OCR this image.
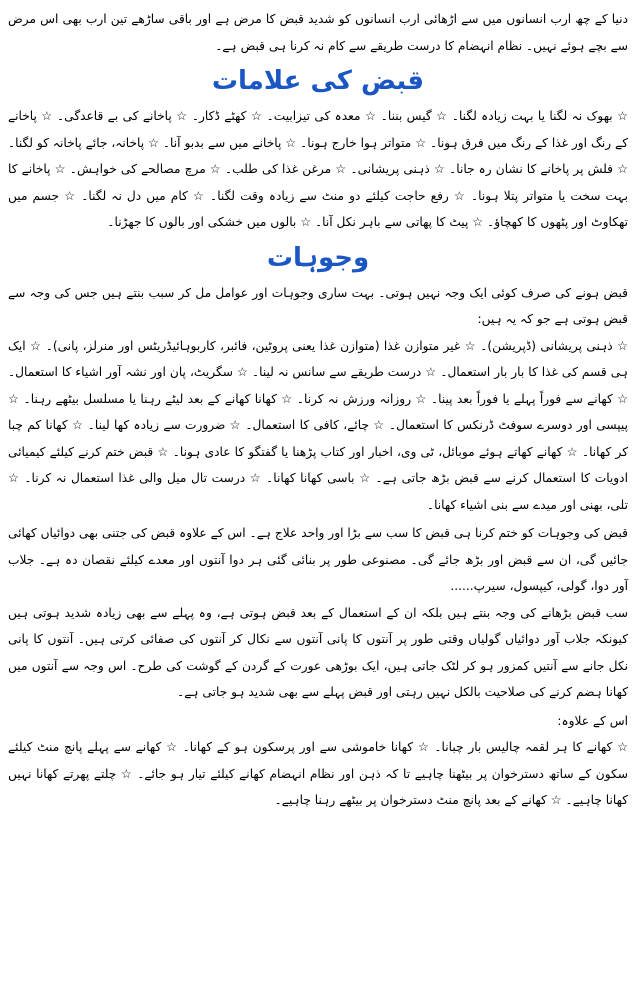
دنیا کے چھ ارب انسانوں میں سے اڑھائی ارب انسانوں کو شدید قبض کا مرض ہے اور باقی ساڑھے تین ارب بھی اس مرض سے بچے ہوئے نہیں۔ نظام انہضام کا درست طریقے سے کام نہ کرنا ہی قبض ہے۔

قبض کی علامات

☆ بھوک نہ لگنا یا بہت زیادہ لگنا۔ ☆ گیس بننا۔ ☆ معدہ کی تیزابیت۔ ☆ کھٹے ڈکار۔ ☆ پاخانے کی بے قاعدگی۔ ☆ پاخانے کے رنگ اور غذا کے رنگ میں فرق ہونا۔ ☆ متواتر ہوا خارج ہونا۔ ☆ پاخانے میں سے بدبو آنا۔ ☆ پاخانہ، جائے پاخانہ کو لگنا۔ ☆ فلش پر پاخانے کا نشان رہ جانا۔ ☆ ذہنی پریشانی۔ ☆ مرغن غذا کی طلب۔ ☆ مرچ مصالحے کی خواہش۔ ☆ پاخانے کا بہت سخت یا متواتر پتلا ہونا۔ ☆ رفع حاجت کیلئے دو منٹ سے زیادہ وقت لگنا۔ ☆ کام میں دل نہ لگنا۔ ☆ جسم میں تھکاوٹ اور پٹھوں کا کھچاؤ۔ ☆ پیٹ کا پھاتی سے باہر نکل آنا۔ ☆ بالوں میں خشکی اور بالوں کا جھڑنا۔

وجوہات

قبض ہونے کی صرف کوئی ایک وجہ نہیں ہوتی۔ بہت ساری وجوہات اور عوامل مل کر سبب بنتے ہیں جس کی وجہ سے قبض ہوتی ہے جو کہ یہ ہیں:

☆ ذہنی پریشانی (ڈپریشن)۔ ☆ غیر متوازن غذا (متوازن غذا یعنی پروٹین، فائبر، کاربوہائیڈریٹس اور منرلز، پانی)۔ ☆ ایک ہی قسم کی غذا کا بار بار استعمال۔ ☆ درست طریقے سے سانس نہ لینا۔ ☆ سگریٹ، پان اور نشہ آور اشیاء کا استعمال۔ ☆ کھانے سے فوراً پہلے یا فوراً بعد پینا۔ ☆ روزانہ ورزش نہ کرنا۔ ☆ کھانا کھانے کے بعد لیٹے رہنا یا مسلسل بیٹھے رہنا۔ ☆ پیپسی اور دوسرے سوفٹ ڈرنکس کا استعمال۔ ☆ چائے، کافی کا استعمال۔ ☆ ضرورت سے زیادہ کھا لینا۔ ☆ کھانا کم چبا کر کھانا۔ ☆ کھانے کھاتے ہوئے موبائل، ٹی وی، اخبار اور کتاب پڑھنا یا گفتگو کا عادی ہونا۔ ☆ قبض ختم کرنے کیلئے کیمیائی ادویات کا استعمال کرنے سے قبض بڑھ جاتی ہے۔ ☆ باسی کھانا کھانا۔ ☆ درست تال میل والی غذا استعمال نہ کرنا۔ ☆ تلی، بھنی اور میدے سے بنی اشیاء کھانا۔

قبض کی وجوہات کو ختم کرنا ہی قبض کا سب سے بڑا اور واحد علاج ہے۔ اس کے علاوہ قبض کی جتنی بھی دوائیاں کھائی جائیں گی، ان سے قبض اور بڑھ جائے گی۔ مصنوعی طور پر بنائی گئی ہر دوا آنتوں اور معدے کیلئے نقصان دہ ہے۔ جلاب آور دوا، گولی، کیپسول، سیرپ......

سب قبض بڑھانے کی وجہ بنتے ہیں بلکہ ان کے استعمال کے بعد قبض ہوتی ہے، وہ پہلے سے بھی زیادہ شدید ہوتی ہیں کیونکہ جلاب آور دوائیاں گولیاں وقتی طور پر آنتوں کا پانی آنتوں سے نکال کر آنتوں کی صفائی کرتی ہیں۔ آنتوں کا پانی نکل جانے سے آنتیں کمزور ہو کر لٹک جاتی ہیں، ایک بوڑھی عورت کے گردن کے گوشت کی طرح۔ اس وجہ سے آنتوں میں کھانا ہضم کرنے کی صلاحیت بالکل نہیں رہتی اور قبض پہلے سے بھی شدید ہو جاتی ہے۔

اس کے علاوہ:

☆ کھانے کا ہر لقمہ چالیس بار چبانا۔ ☆ کھانا خاموشی سے اور پرسکون ہو کے کھانا۔ ☆ کھانے سے پہلے پانچ منٹ کیلئے سکون کے ساتھ دسترخوان پر بیٹھنا چاہیے تا کہ ذہن اور نظام انہضام کھانے کیلئے تیار ہو جائے۔ ☆ چلتے پھرتے کھانا نہیں کھانا چاہیے۔ ☆ کھانے کے بعد پانچ منٹ دسترخوان پر بیٹھے رہنا چاہیے۔
